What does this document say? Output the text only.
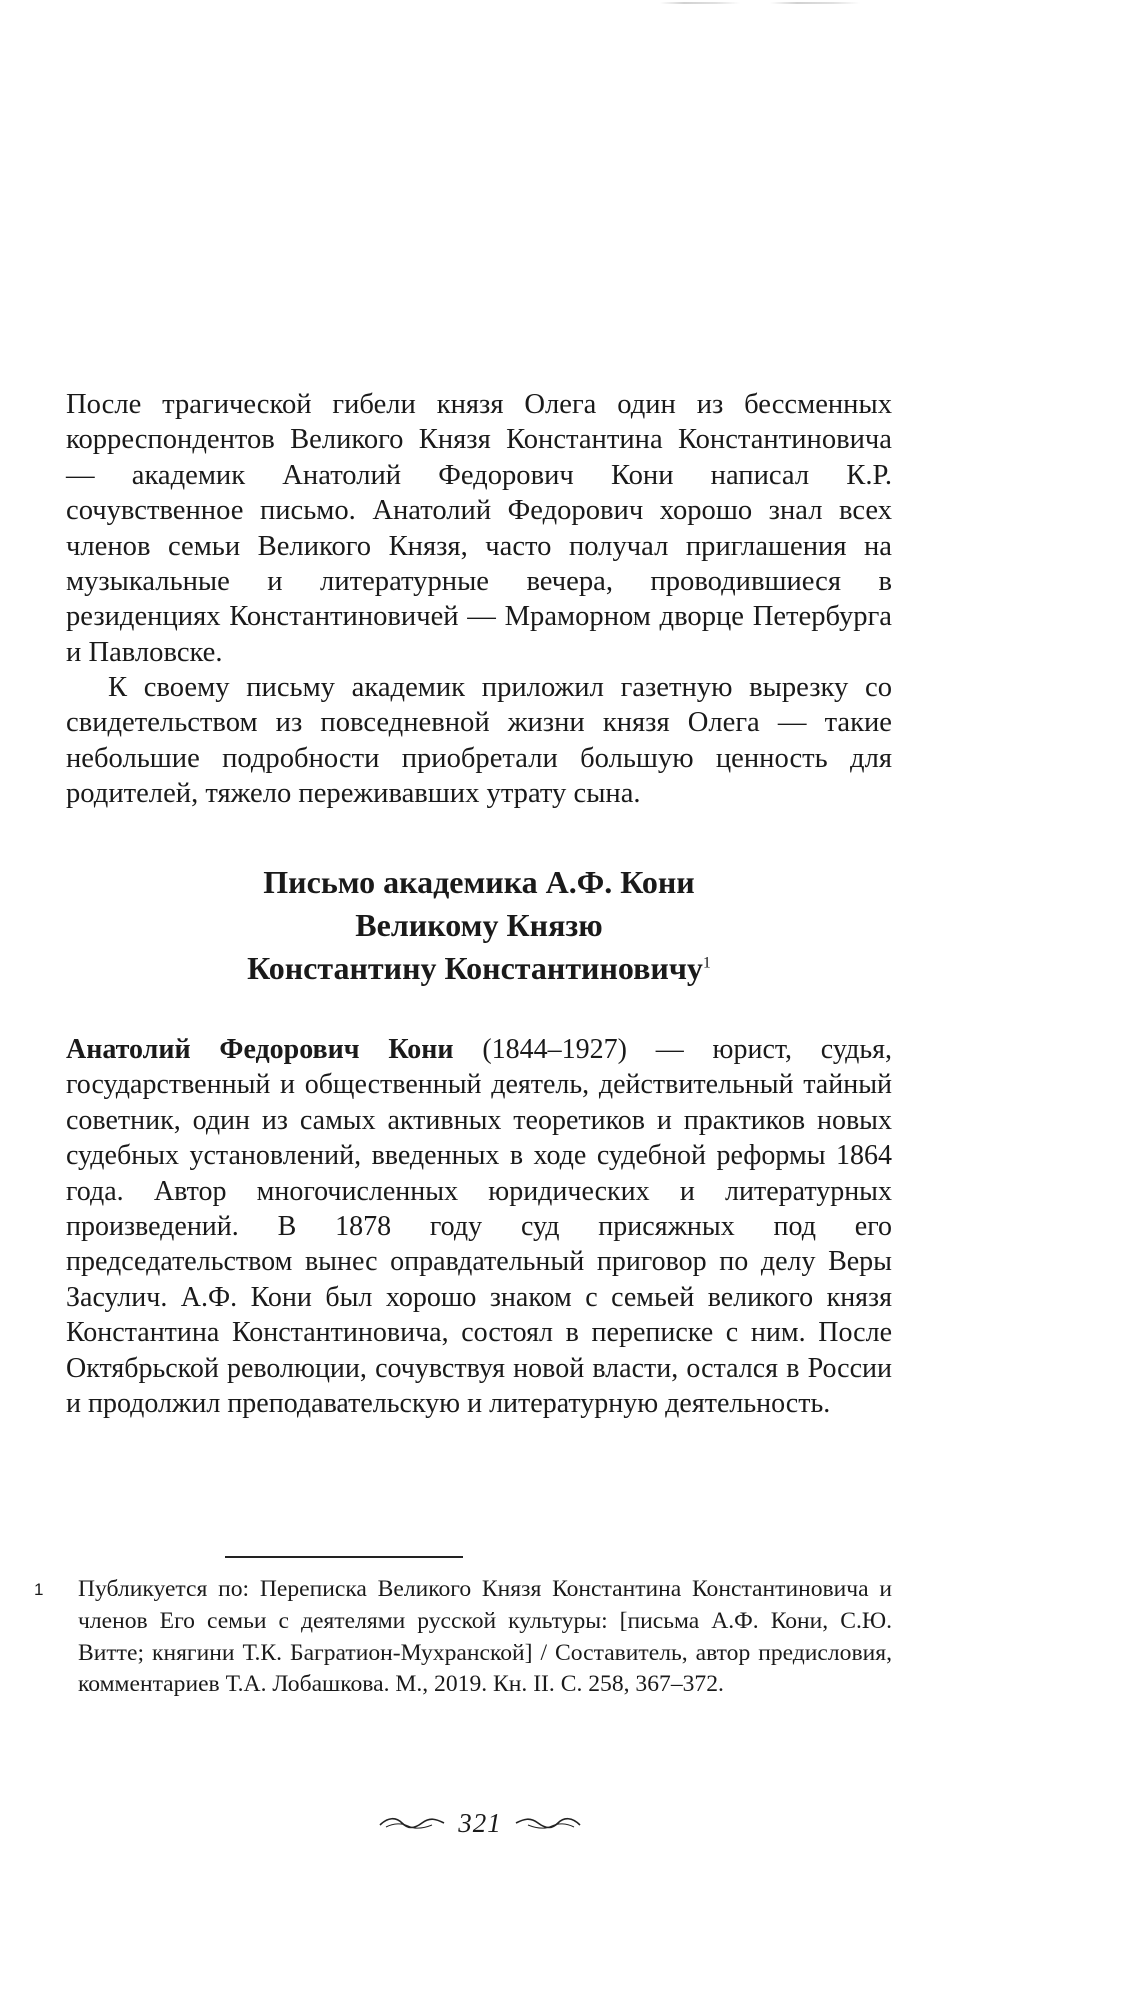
После трагической гибели князя Олега один из бессменных корреспондентов Великого Князя Константина Константиновича — академик Анатолий Федорович Кони написал К.Р. сочувственное письмо. Анатолий Федорович хорошо знал всех членов семьи Великого Князя, часто получал приглашения на музыкальные и литературные вечера, проводившиеся в резиденциях Константиновичей — Мраморном дворце Петербурга и Павловске.

К своему письму академик приложил газетную вырезку со свидетельством из повседневной жизни князя Олега — такие небольшие подробности приобретали большую ценность для родителей, тяжело переживавших утрату сына.

Письмо академика А.Ф. Кони
Великому Князю
Константину Константиновичу$^1$
Анатолий Федорович Кони (1844–1927) — юрист, судья, государственный и общественный деятель, действительный тайный советник, один из самых активных теоретиков и практиков новых судебных установлений, введенных в ходе судебной реформы 1864 года. Автор многочисленных юридических и литературных произведений. В 1878 году суд присяжных под его председательством вынес оправдательный приговор по делу Веры Засулич. А.Ф. Кони был хорошо знаком с семьей великого князя Константина Константиновича, состоял в переписке с ним. После Октябрьской революции, сочувствуя новой власти, остался в России и продолжил преподавательскую и литературную деятельность.
1	Публикуется по: Переписка Великого Князя Константина Константиновича и членов Его семьи с деятелями русской культуры: [письма А.Ф. Кони, С.Ю. Витте; княгини Т.К. Багратион-Мухранской] / Составитель, автор предисловия, комментариев Т.А. Лобашкова. М., 2019. Кн. II. С. 258, 367–372.
321
